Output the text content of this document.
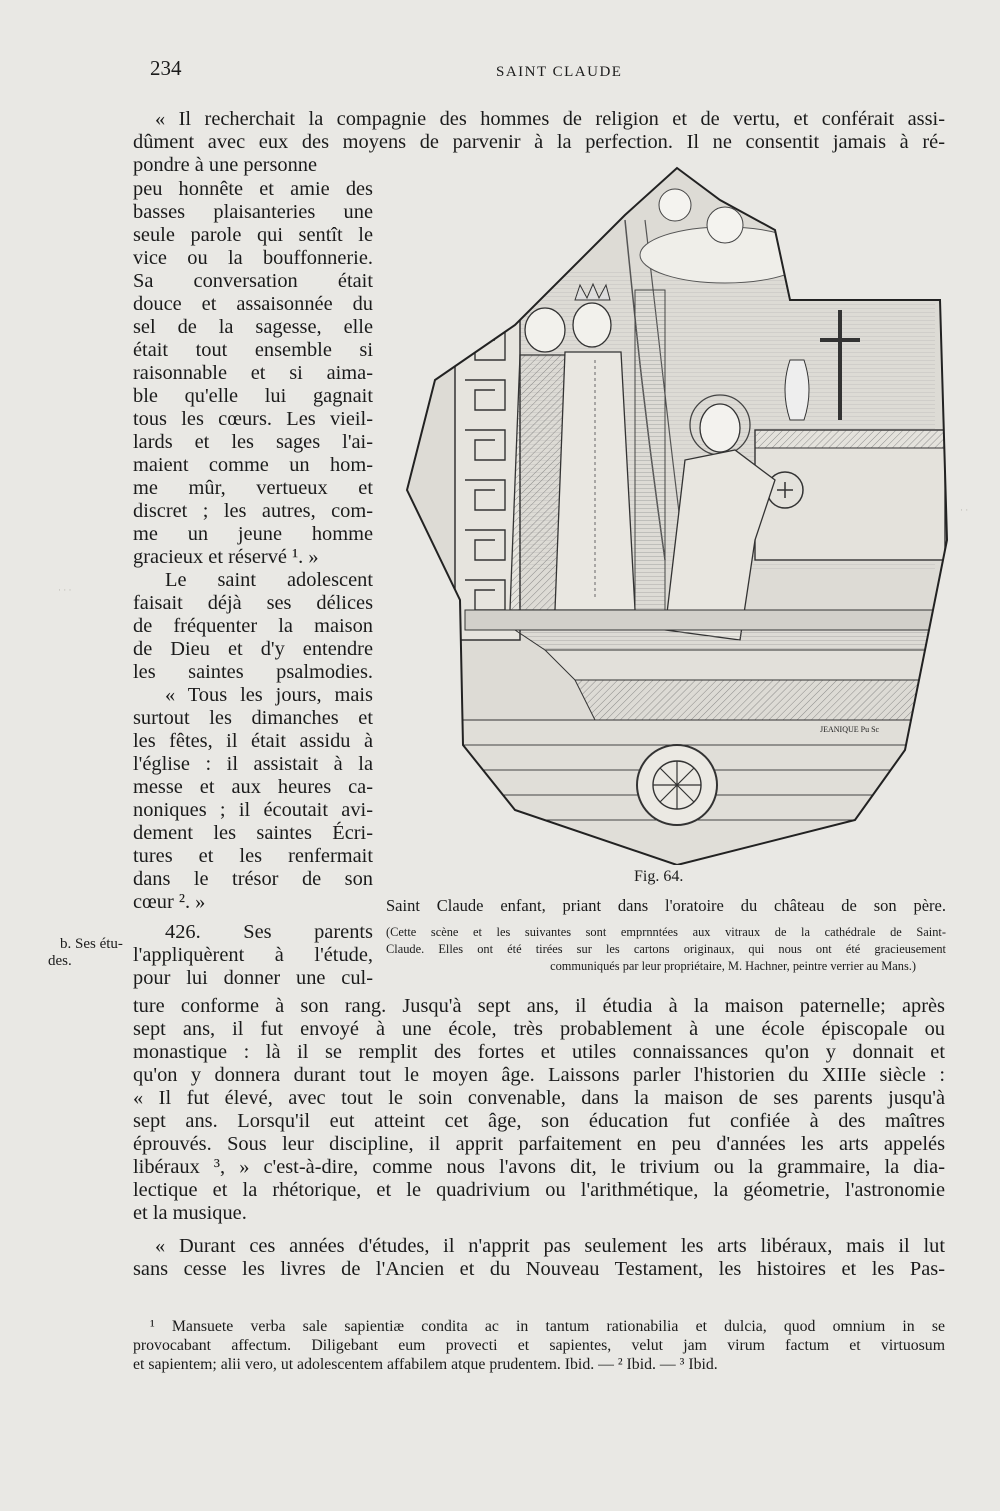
234	SAINT CLAUDE
« Il recherchait la compagnie des hommes de religion et de vertu, et conférait assi-
dûment avec eux des moyens de parvenir à la perfection. Il ne consentit jamais à ré-
pondre à une personne
peu honnête et amie des
basses plaisanteries une
seule parole qui sentît le
vice ou la bouffonnerie.
Sa conversation était
douce et assaisonnée du
sel de la sagesse, elle
était tout ensemble si
raisonnable et si aima-
ble qu'elle lui gagnait
tous les cœurs. Les vieil-
lards et les sages l'ai-
maient comme un hom-
me mûr, vertueux et
discret ; les autres, com-
me un jeune homme
gracieux et réservé ¹. »
Le saint adolescent
faisait déjà ses délices
de fréquenter la maison
de Dieu et d'y entendre
les saintes psalmodies.
« Tous les jours, mais
surtout les dimanches et
les fêtes, il était assidu à
l'église : il assistait à la
messe et aux heures ca-
noniques ; il écoutait avi-
dement les saintes Écri-
tures et les renfermait
dans le trésor de son
cœur ². »
426. Ses parents
l'appliquèrent à l'étude,
pour lui donner une cul-
b. Ses étu-
des.
· · ·
· ·
JEANIQUE Pu Sc
Fig. 64.
Saint Claude enfant, priant dans l'oratoire du château de son père.
(Cette scène et les suivantes sont emprnntées aux vitraux de la cathédrale de Saint-
Claude. Elles ont été tirées sur les cartons originaux, qui nous ont été gracieusement
communiqués par leur propriétaire, M. Hachner, peintre verrier au Mans.)
ture conforme à son rang. Jusqu'à sept ans, il étudia à la maison paternelle; après
sept ans, il fut envoyé à une école, très probablement à une école épiscopale ou
monastique : là il se remplit des fortes et utiles connaissances qu'on y donnait et
qu'on y donnera durant tout le moyen âge. Laissons parler l'historien du XIIIe siècle :
« Il fut élevé, avec tout le soin convenable, dans la maison de ses parents jusqu'à
sept ans. Lorsqu'il eut atteint cet âge, son éducation fut confiée à des maîtres
éprouvés. Sous leur discipline, il apprit parfaitement en peu d'années les arts appelés
libéraux ³, » c'est-à-dire, comme nous l'avons dit, le trivium ou la grammaire, la dia-
lectique et la rhétorique, et le quadrivium ou l'arithmétique, la géometrie, l'astronomie
et la musique.
« Durant ces années d'études, il n'apprit pas seulement les arts libéraux, mais il lut
sans cesse les livres de l'Ancien et du Nouveau Testament, les histoires et les Pas-
¹ Mansuete verba sale sapientiæ condita ac in tantum rationabilia et dulcia, quod omnium in se
provocabant affectum. Diligebant eum provecti et sapientes, velut jam virum factum et virtuosum
et sapientem; alii vero, ut adolescentem affabilem atque prudentem. Ibid. — ² Ibid. — ³ Ibid.
